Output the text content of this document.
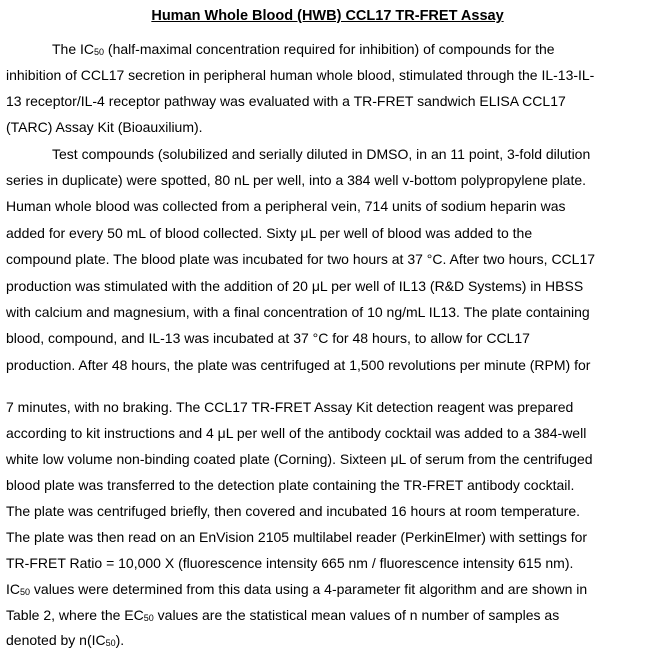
Human Whole Blood (HWB) CCL17 TR-FRET Assay
The $IC_{50}$ (half-maximal concentration required for inhibition) of compounds for the
inhibition of CCL17 secretion in peripheral human whole blood, stimulated through the IL-13-IL-
13 receptor/IL-4 receptor pathway was evaluated with a TR-FRET sandwich ELISA CCL17
(TARC) Assay Kit (Bioauxilium).
Test compounds (solubilized and serially diluted in DMSO, in an 11 point, 3-fold dilution
series in duplicate) were spotted, 80 nL per well, into a 384 well v-bottom polypropylene plate.
Human whole blood was collected from a peripheral vein, 714 units of sodium heparin was
added for every 50 mL of blood collected. Sixty μL per well of blood was added to the
compound plate. The blood plate was incubated for two hours at 37 °C. After two hours, CCL17
production was stimulated with the addition of 20 μL per well of IL13 (R&D Systems) in HBSS
with calcium and magnesium, with a final concentration of 10 ng/mL IL13. The plate containing
blood, compound, and IL-13 was incubated at 37 °C for 48 hours, to allow for CCL17
production. After 48 hours, the plate was centrifuged at 1,500 revolutions per minute (RPM) for
7 minutes, with no braking. The CCL17 TR-FRET Assay Kit detection reagent was prepared
according to kit instructions and 4 μL per well of the antibody cocktail was added to a 384-well
white low volume non-binding coated plate (Corning). Sixteen μL of serum from the centrifuged
blood plate was transferred to the detection plate containing the TR-FRET antibody cocktail.
The plate was centrifuged briefly, then covered and incubated 16 hours at room temperature.
The plate was then read on an EnVision 2105 multilabel reader (PerkinElmer) with settings for
TR-FRET Ratio = 10,000 X (fluorescence intensity 665 nm / fluorescence intensity 615 nm).
$IC_{50}$ values were determined from this data using a 4-parameter fit algorithm and are shown in
Table 2, where the $EC_{50}$ values are the statistical mean values of n number of samples as
denoted by $n(IC_{50})$.
